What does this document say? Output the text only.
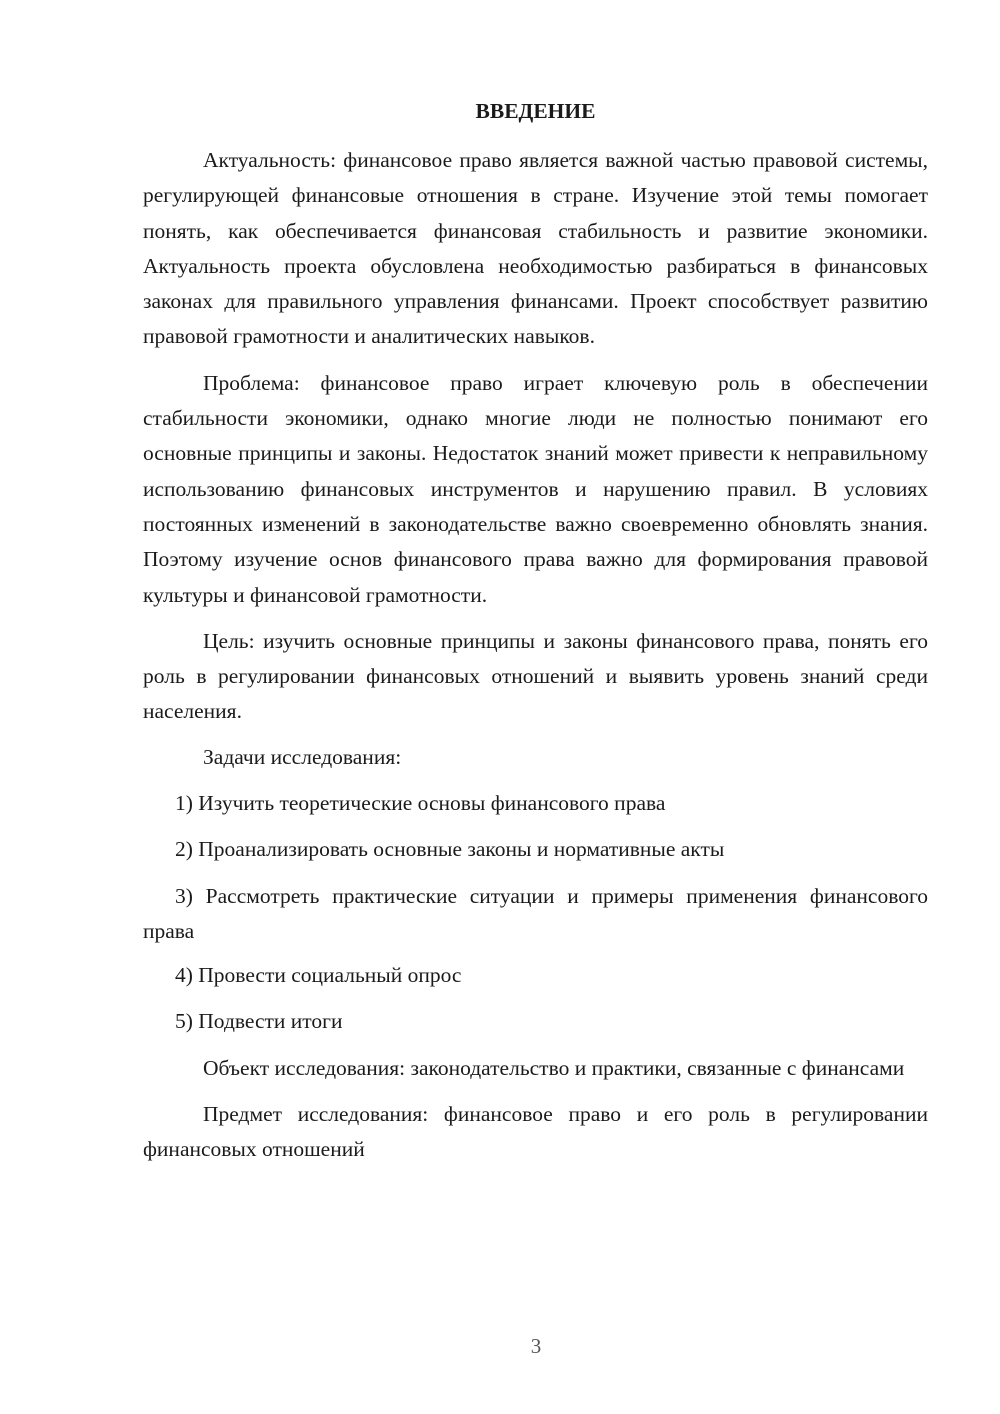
ВВЕДЕНИЕ

Актуальность: финансовое право является важной частью правовой системы, регулирующей финансовые отношения в стране. Изучение этой темы помогает понять, как обеспечивается финансовая стабильность и развитие экономики. Актуальность проекта обусловлена необходимостью разбираться в финансовых законах для правильного управления финансами. Проект способствует развитию правовой грамотности и аналитических навыков.

Проблема: финансовое право играет ключевую роль в обеспечении стабильности экономики, однако многие люди не полностью понимают его основные принципы и законы. Недостаток знаний может привести к неправильному использованию финансовых инструментов и нарушению правил. В условиях постоянных изменений в законодательстве важно своевременно обновлять знания. Поэтому изучение основ финансового права важно для формирования правовой культуры и финансовой грамотности.

Цель: изучить основные принципы и законы финансового права, понять его роль в регулировании финансовых отношений и выявить уровень знаний среди населения.

Задачи исследования:

1) Изучить теоретические основы финансового права

2) Проанализировать основные законы и нормативные акты

3) Рассмотреть практические ситуации и примеры применения финансового права

4) Провести социальный опрос

5) Подвести итоги

Объект исследования: законодательство и практики, связанные с финансами

Предмет исследования: финансовое право и его роль в регулировании финансовых отношений

3
